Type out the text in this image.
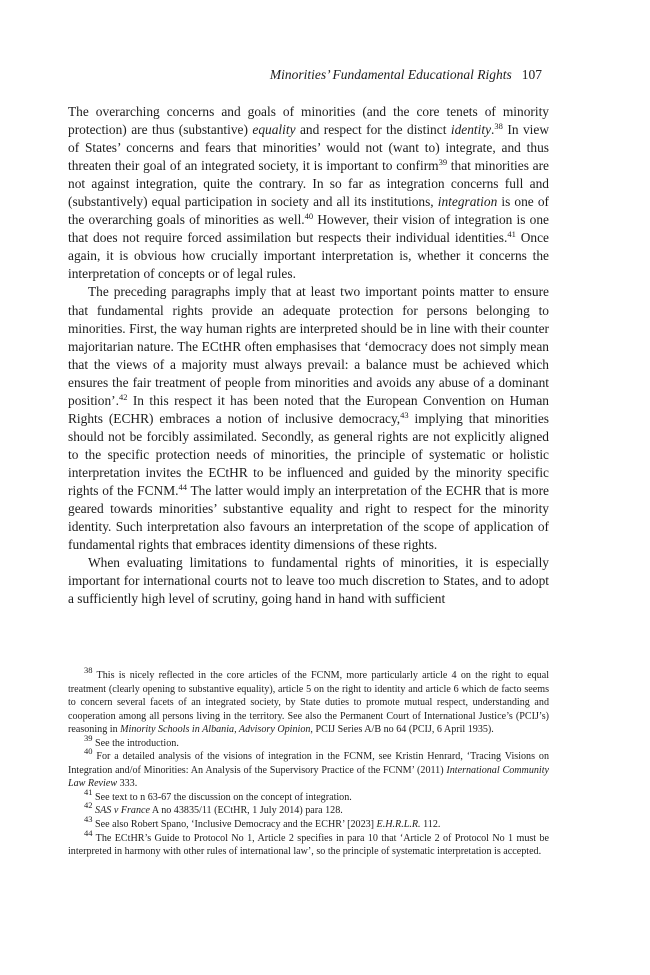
Minorities’ Fundamental Educational Rights 107

The overarching concerns and goals of minorities (and the core tenets of minority protection) are thus (substantive) equality and respect for the distinct identity.$^{38}$ In view of States’ concerns and fears that minorities’ would not (want to) integrate, and thus threaten their goal of an integrated society, it is important to confirm$^{39}$ that minorities are not against integration, quite the contrary. In so far as integration concerns full and (substantively) equal participation in society and all its institutions, integration is one of the overarching goals of minorities as well.$^{40}$ However, their vision of integration is one that does not require forced assimilation but respects their individual identities.$^{41}$ Once again, it is obvious how crucially important interpretation is, whether it concerns the interpretation of concepts or of legal rules.

The preceding paragraphs imply that at least two important points matter to ensure that fundamental rights provide an adequate protection for persons belonging to minorities. First, the way human rights are interpreted should be in line with their counter majoritarian nature. The ECtHR often emphasises that ‘democracy does not simply mean that the views of a majority must always prevail: a balance must be achieved which ensures the fair treatment of people from minorities and avoids any abuse of a dominant position’.$^{42}$ In this respect it has been noted that the European Convention on Human Rights (ECHR) embraces a notion of inclusive democracy,$^{43}$ implying that minorities should not be forcibly assimilated. Secondly, as general rights are not explicitly aligned to the specific protection needs of minorities, the principle of systematic or holistic interpretation invites the ECtHR to be influenced and guided by the minority specific rights of the FCNM.$^{44}$ The latter would imply an interpretation of the ECHR that is more geared towards minorities’ substantive equality and right to respect for the minority identity. Such interpretation also favours an interpretation of the scope of application of fundamental rights that embraces identity dimensions of these rights.

When evaluating limitations to fundamental rights of minorities, it is especially important for international courts not to leave too much discretion to States, and to adopt a sufficiently high level of scrutiny, going hand in hand with sufficient

$^{38}$ This is nicely reflected in the core articles of the FCNM, more particularly article 4 on the right to equal treatment (clearly opening to substantive equality), article 5 on the right to identity and article 6 which de facto seems to concern several facets of an integrated society, by State duties to promote mutual respect, understanding and cooperation among all persons living in the territory. See also the Permanent Court of International Justice’s (PCIJ’s) reasoning in Minority Schools in Albania, Advisory Opinion, PCIJ Series A/B no 64 (PCIJ, 6 April 1935).

$^{39}$ See the introduction.

$^{40}$ For a detailed analysis of the visions of integration in the FCNM, see Kristin Henrard, ‘Tracing Visions on Integration and/of Minorities: An Analysis of the Supervisory Practice of the FCNM’ (2011) International Community Law Review 333.

$^{41}$ See text to n 63-67 the discussion on the concept of integration.

$^{42}$ SAS v France A no 43835/11 (ECtHR, 1 July 2014) para 128.

$^{43}$ See also Robert Spano, ‘Inclusive Democracy and the ECHR’ [2023] E.H.R.L.R. 112.

$^{44}$ The ECtHR’s Guide to Protocol No 1, Article 2 specifies in para 10 that ‘Article 2 of Protocol No 1 must be interpreted in harmony with other rules of international law’, so the principle of systematic interpretation is accepted.
